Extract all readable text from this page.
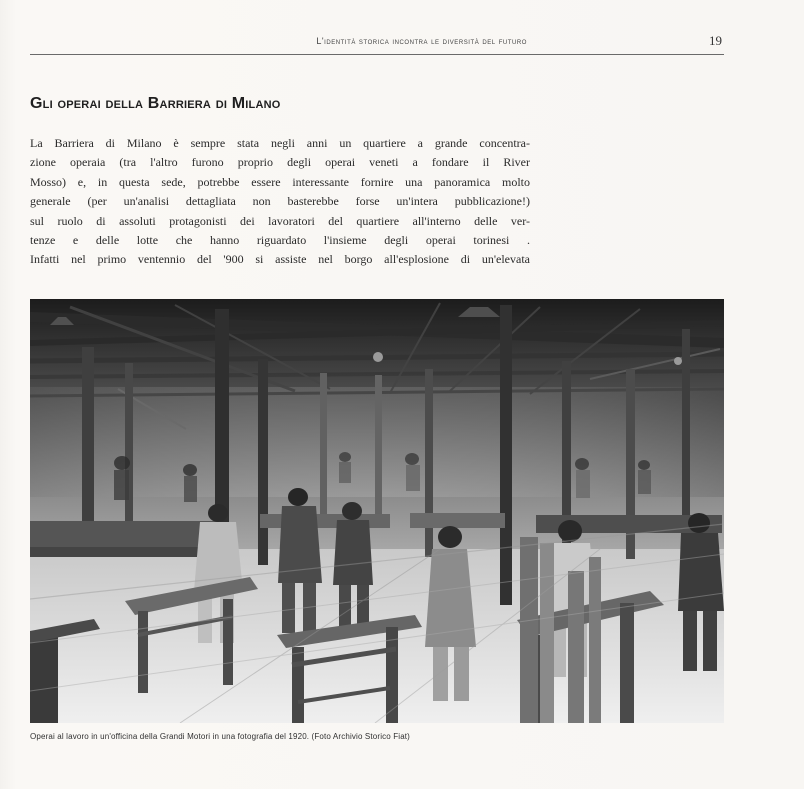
L'identità storica incontra le diversità del futuro	19
Gli operai della Barriera di Milano

La Barriera di Milano è sempre stata negli anni un quartiere a grande concentra-
zione operaia (tra l'altro furono proprio degli operai veneti a fondare il River
Mosso) e, in questa sede, potrebbe essere interessante fornire una panoramica molto
generale (per un'analisi dettagliata non basterebbe forse un'intera pubblicazione!)
sul ruolo di assoluti protagonisti dei lavoratori del quartiere all'interno delle ver-
tenze e delle lotte che hanno riguardato l'insieme degli operai torinesi .
Infatti nel primo ventennio del '900 si assiste nel borgo all'esplosione di un'elevata

Operai al lavoro in un'officina della Grandi Motori in una fotografia del 1920. (Foto Archivio Storico Fiat)
